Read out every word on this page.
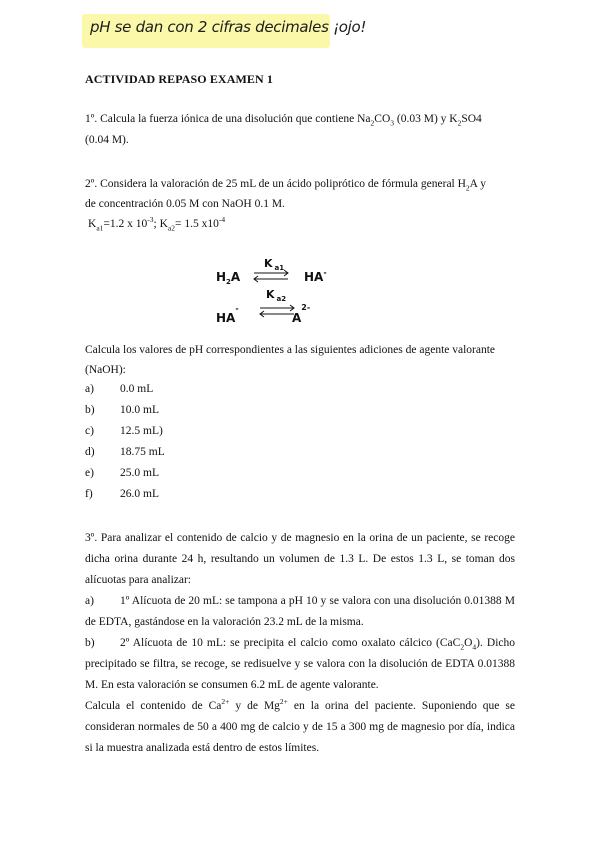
pH se dan con 2 cifras decimales ¡ojo!
ACTIVIDAD REPASO EXAMEN 1
1º. Calcula la fuerza iónica de una disolución que contiene $Na_2CO_3$ (0.03 M) y $K_2SO4$
(0.04 M).
2º. Considera la valoración de 25 mL de un ácido poliprótico de fórmula general $H_2A$ y
de concentración 0.05 M con NaOH 0.1 M.
$K_{a1}=1.2$ x $10^{-3}$; $K_{a2}= 1.5$ $x10^{-4}$
K $_{a1}$
$H_2A$	HA-
K $_{a2}$
HA-
$A^{2-}$
Calcula los valores de pH correspondientes a las siguientes adiciones de agente valorante
(NaOH):
a) 0.0 mL
b) 10.0 mL
c) 12.5 mL)
d) 18.75 mL
e) 25.0 mL
f) 26.0 mL
3º. Para analizar el contenido de calcio y de magnesio en la orina de un paciente, se recoge dicha orina durante 24 h, resultando un volumen de 1.3 L. De estos 1.3 L, se toman dos alícuotas para analizar:
a) 1º Alícuota de 20 mL: se tampona a pH 10 y se valora con una disolución 0.01388 M de EDTA, gastándose en la valoración 23.2 mL de la misma.
b) 2º Alícuota de 10 mL: se precipita el calcio como oxalato cálcico $(CaC_2O_4)$. Dicho precipitado se filtra, se recoge, se redisuelve y se valora con la disolución de EDTA 0.01388 M. En esta valoración se consumen 6.2 mL de agente valorante.
Calcula el contenido de $Ca^{2+}$ y de $Mg^{2+}$ en la orina del paciente. Suponiendo que se consideran normales de 50 a 400 mg de calcio y de 15 a 300 mg de magnesio por día, indica si la muestra analizada está dentro de estos límites.
